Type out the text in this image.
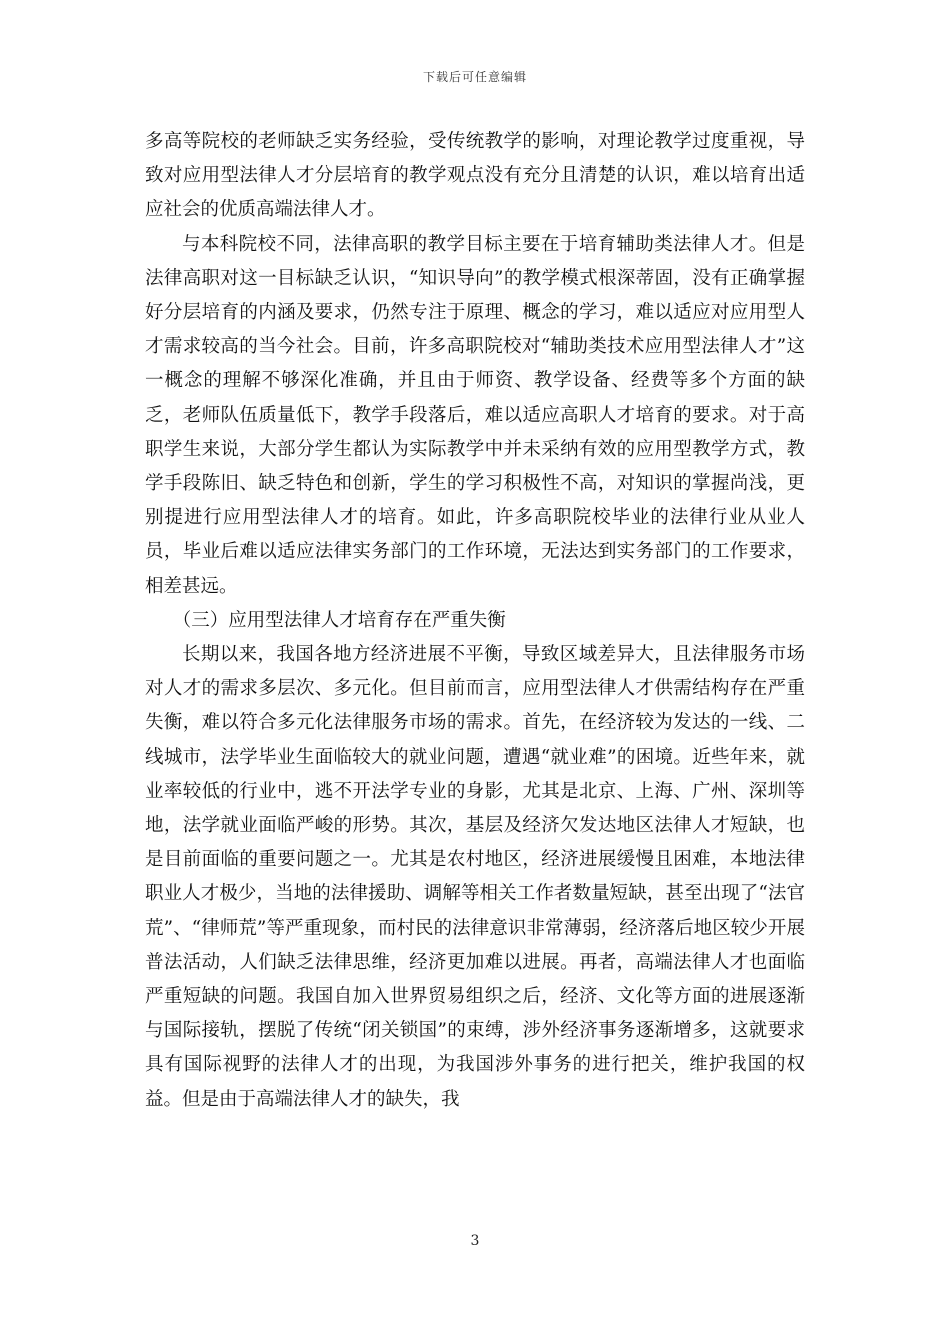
下载后可任意编辑

多高等院校的老师缺乏实务经验，受传统教学的影响，对理论教学过度重视，导致对应用型法律人才分层培育的教学观点没有充分且清楚的认识，难以培育出适应社会的优质高端法律人才。

与本科院校不同，法律高职的教学目标主要在于培育辅助类法律人才。但是法律高职对这一目标缺乏认识，“知识导向”的教学模式根深蒂固，没有正确掌握好分层培育的内涵及要求，仍然专注于原理、概念的学习，难以适应对应用型人才需求较高的当今社会。目前，许多高职院校对“辅助类技术应用型法律人才”这一概念的理解不够深化准确，并且由于师资、教学设备、经费等多个方面的缺乏，老师队伍质量低下，教学手段落后，难以适应高职人才培育的要求。对于高职学生来说，大部分学生都认为实际教学中并未采纳有效的应用型教学方式，教学手段陈旧、缺乏特色和创新，学生的学习积极性不高，对知识的掌握尚浅，更别提进行应用型法律人才的培育。如此，许多高职院校毕业的法律行业从业人员，毕业后难以适应法律实务部门的工作环境，无法达到实务部门的工作要求，相差甚远。

（三）应用型法律人才培育存在严重失衡

长期以来，我国各地方经济进展不平衡，导致区域差异大，且法律服务市场对人才的需求多层次、多元化。但目前而言，应用型法律人才供需结构存在严重失衡，难以符合多元化法律服务市场的需求。首先，在经济较为发达的一线、二线城市，法学毕业生面临较大的就业问题，遭遇“就业难”的困境。近些年来，就业率较低的行业中，逃不开法学专业的身影，尤其是北京、上海、广州、深圳等地，法学就业面临严峻的形势。其次，基层及经济欠发达地区法律人才短缺，也是目前面临的重要问题之一。尤其是农村地区，经济进展缓慢且困难，本地法律职业人才极少，当地的法律援助、调解等相关工作者数量短缺，甚至出现了“法官荒”、“律师荒”等严重现象，而村民的法律意识非常薄弱，经济落后地区较少开展普法活动，人们缺乏法律思维，经济更加难以进展。再者，高端法律人才也面临严重短缺的问题。我国自加入世界贸易组织之后，经济、文化等方面的进展逐渐与国际接轨，摆脱了传统“闭关锁国”的束缚，涉外经济事务逐渐增多，这就要求具有国际视野的法律人才的出现，为我国涉外事务的进行把关，维护我国的权益。但是由于高端法律人才的缺失，我

3
